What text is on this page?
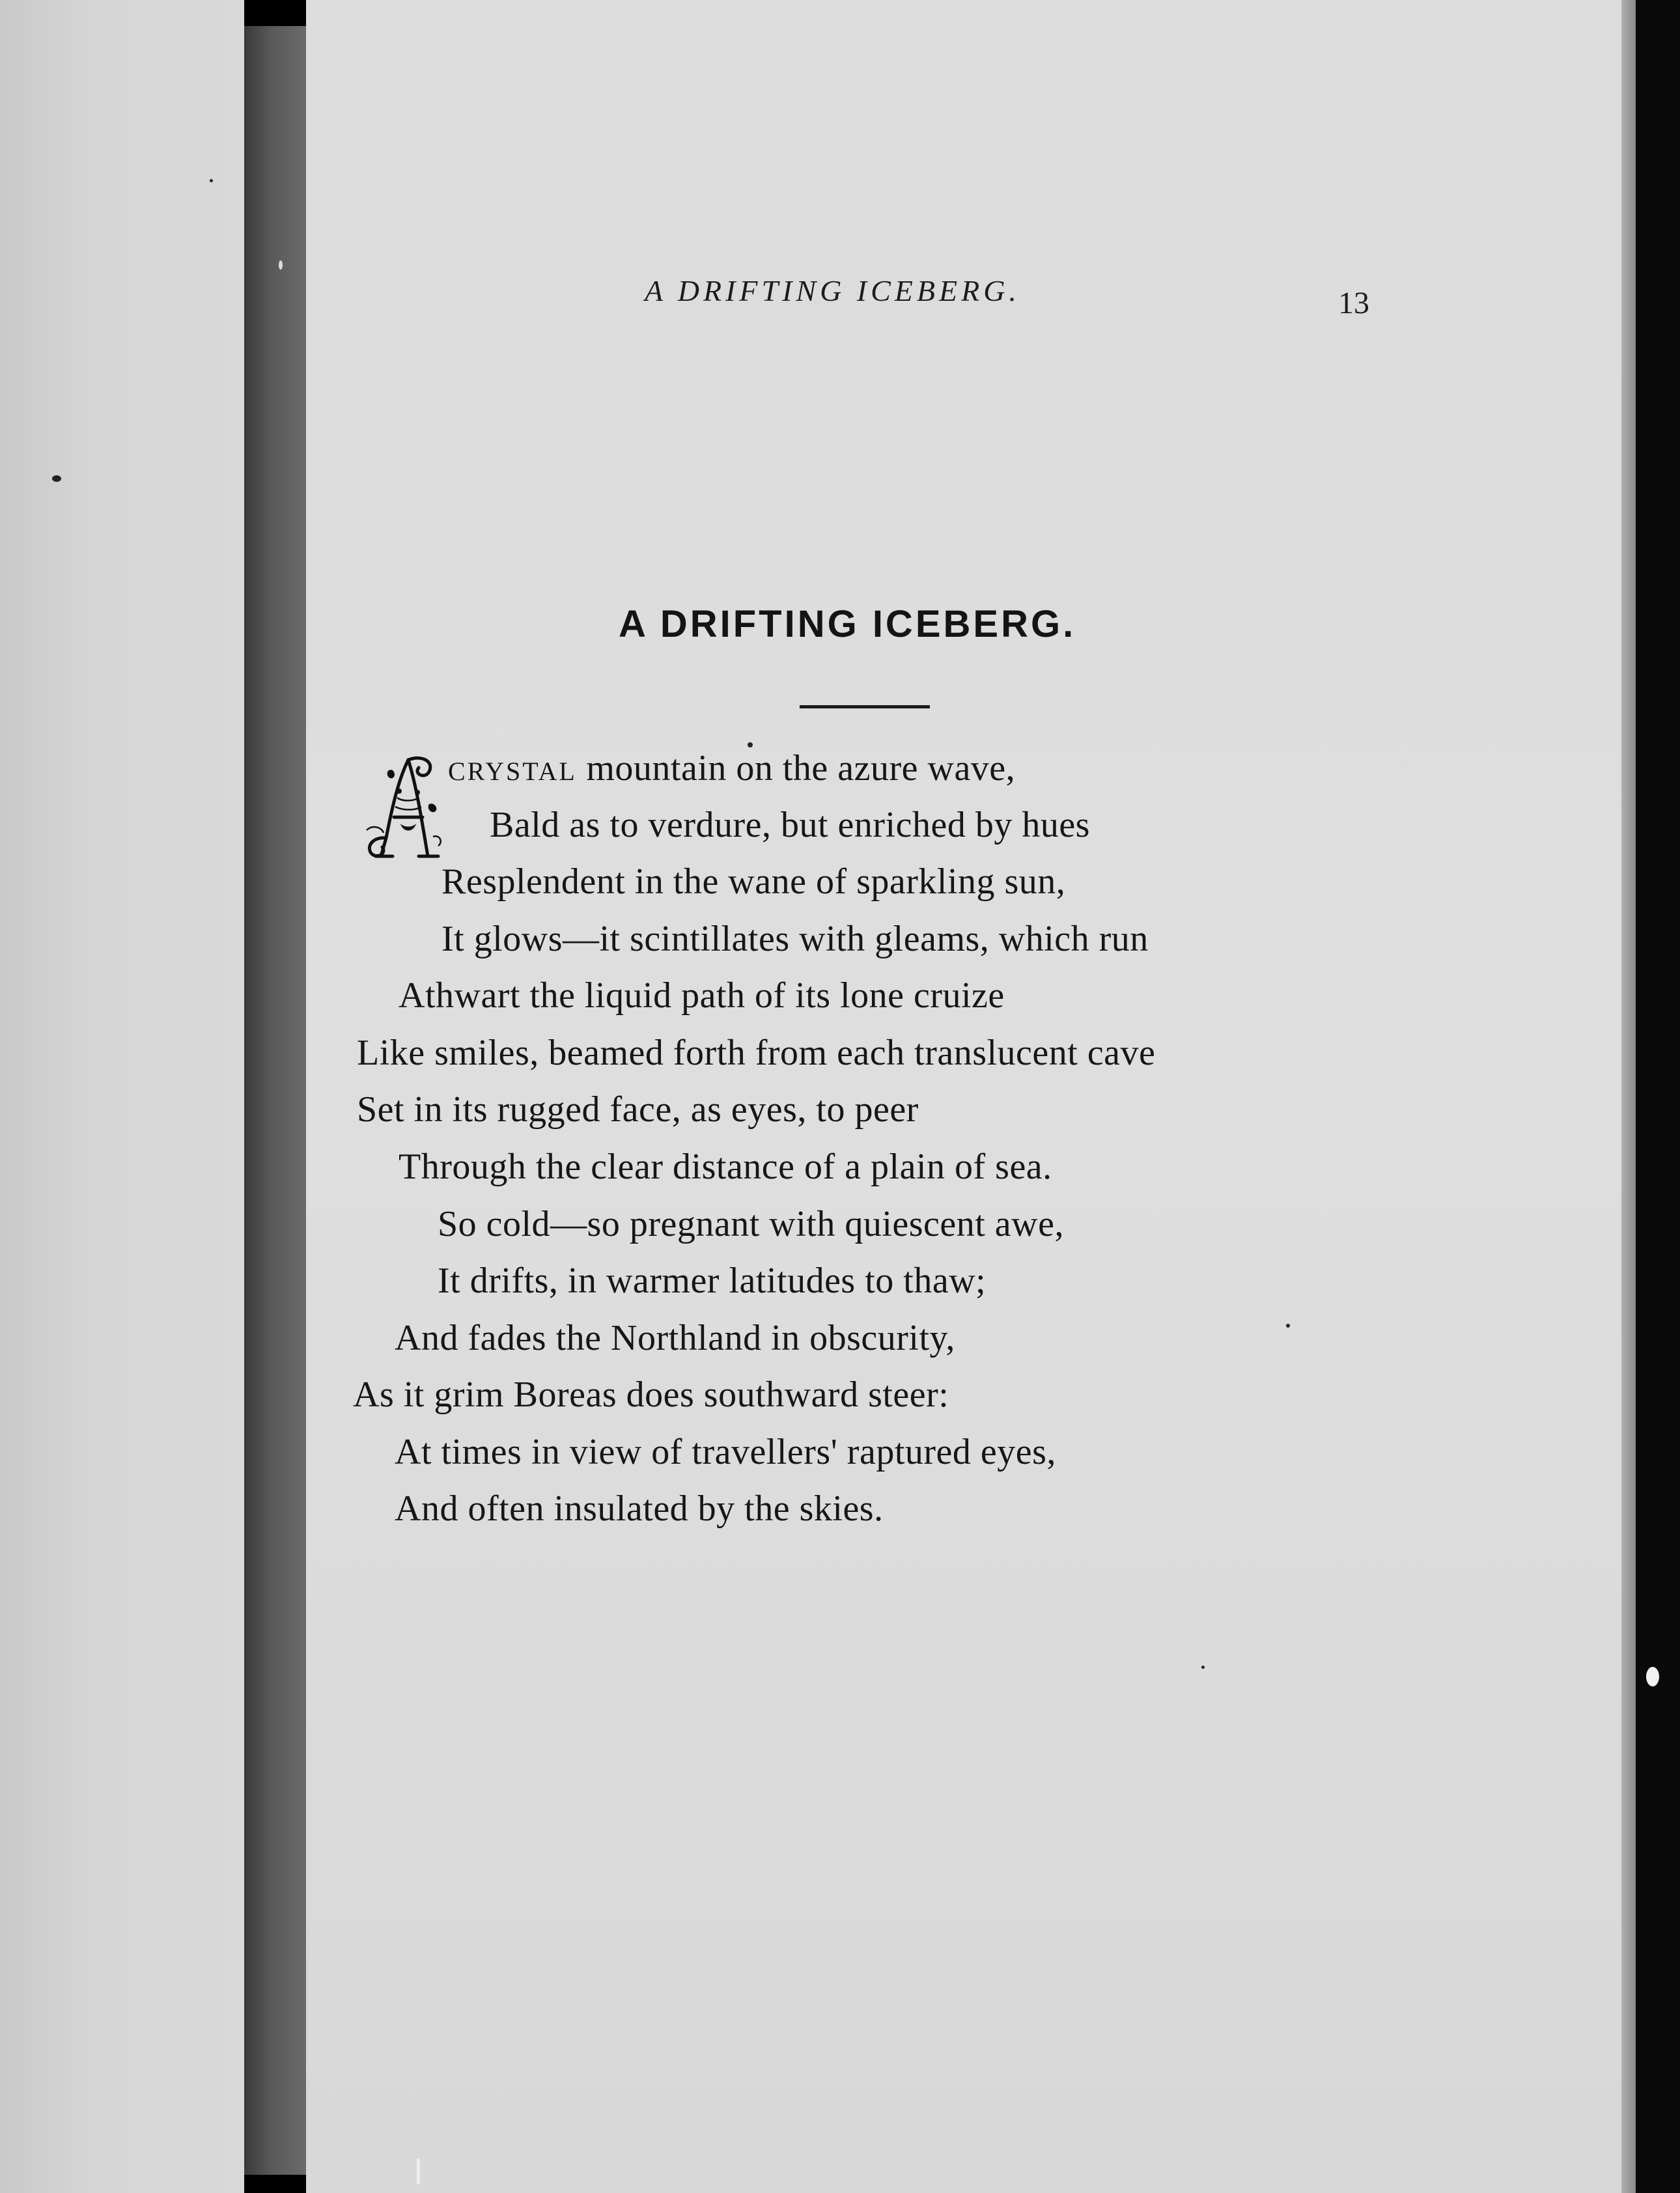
A DRIFTING ICEBERG.	13
A DRIFTING ICEBERG.
CRYSTAL mountain on the azure wave,
Bald as to verdure, but enriched by hues
Resplendent in the wane of sparkling sun,
It glows—it scintillates with gleams, which run
Athwart the liquid path of its lone cruize
Like smiles, beamed forth from each translucent cave
Set in its rugged face, as eyes, to peer
Through the clear distance of a plain of sea.
So cold—so pregnant with quiescent awe,
It drifts, in warmer latitudes to thaw;
And fades the Northland in obscurity,
As it grim Boreas does southward steer:
At times in view of travellers' raptured eyes,
And often insulated by the skies.
